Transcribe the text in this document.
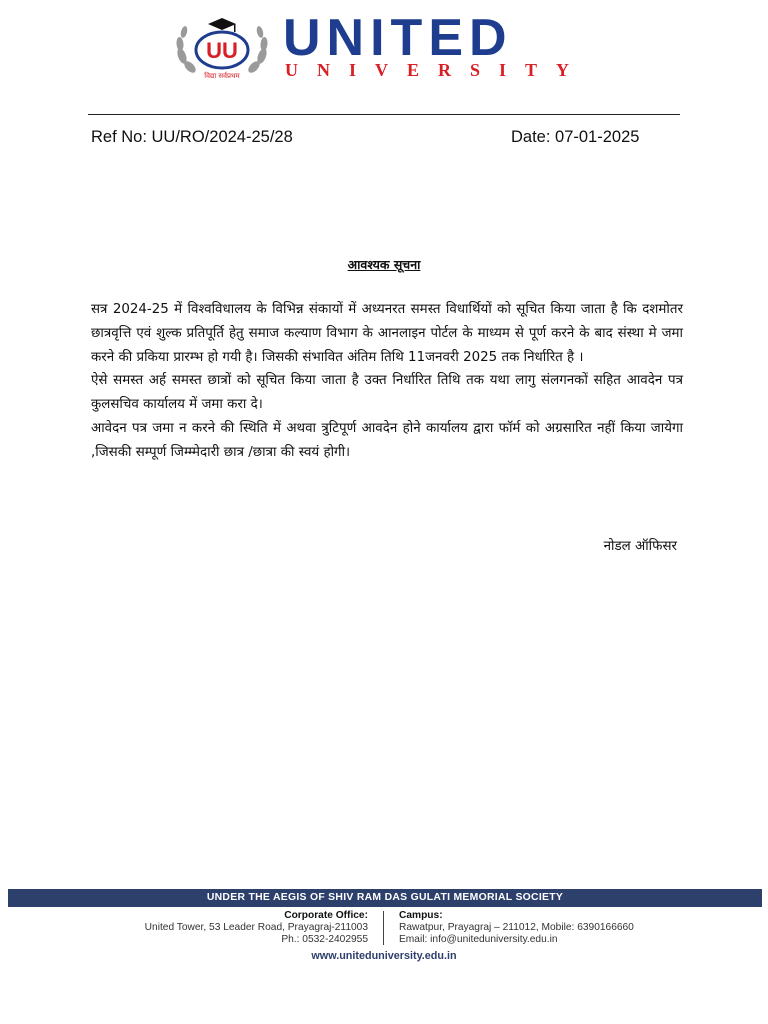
UU
विद्या सर्वप्रथम
UNITED
UNIVERSITY
Ref No: UU/RO/2024-25/28	Date: 07-01-2025
आवश्यक सूचना

सत्र 2024-25 में विश्वविधालय के विभिन्न संकायों में अध्यनरत समस्त विधार्थियों को सूचित किया जाता है कि दशमोतर छात्रवृत्ति एवं शुल्क प्रतिपूर्ति हेतु समाज कल्याण विभाग के आनलाइन पोर्टल के माध्यम से पूर्ण करने के बाद संस्था मे जमा करने की प्रकिया प्रारम्भ हो गयी है। जिसकी संभावित अंतिम तिथि 11जनवरी 2025 तक निर्धारित है ।

ऐसे समस्त अर्ह समस्त छात्रों को सूचित किया जाता है उक्त निर्धारित तिथि तक यथा लागु संलगनकों सहित आवदेन पत्र कुलसचिव कार्यालय में जमा करा दे।

आवेदन पत्र जमा न करने की स्थिति में अथवा त्रुटिपूर्ण आवदेन होने कार्यालय द्वारा फॉर्म को अग्रसारित नहीं किया जायेगा ,जिसकी सम्पूर्ण जिम्म्मेदारी छात्र /छात्रा की स्वयं होगी।

नोडल ऑफिसर
UNDER THE AEGIS OF SHIV RAM DAS GULATI MEMORIAL SOCIETY
Corporate Office:
United Tower, 53 Leader Road, Prayagraj-211003
Ph.: 0532-2402955
Campus:
Rawatpur, Prayagraj – 211012, Mobile: 6390166660
Email: info@uniteduniversity.edu.in
www.uniteduniversity.edu.in
